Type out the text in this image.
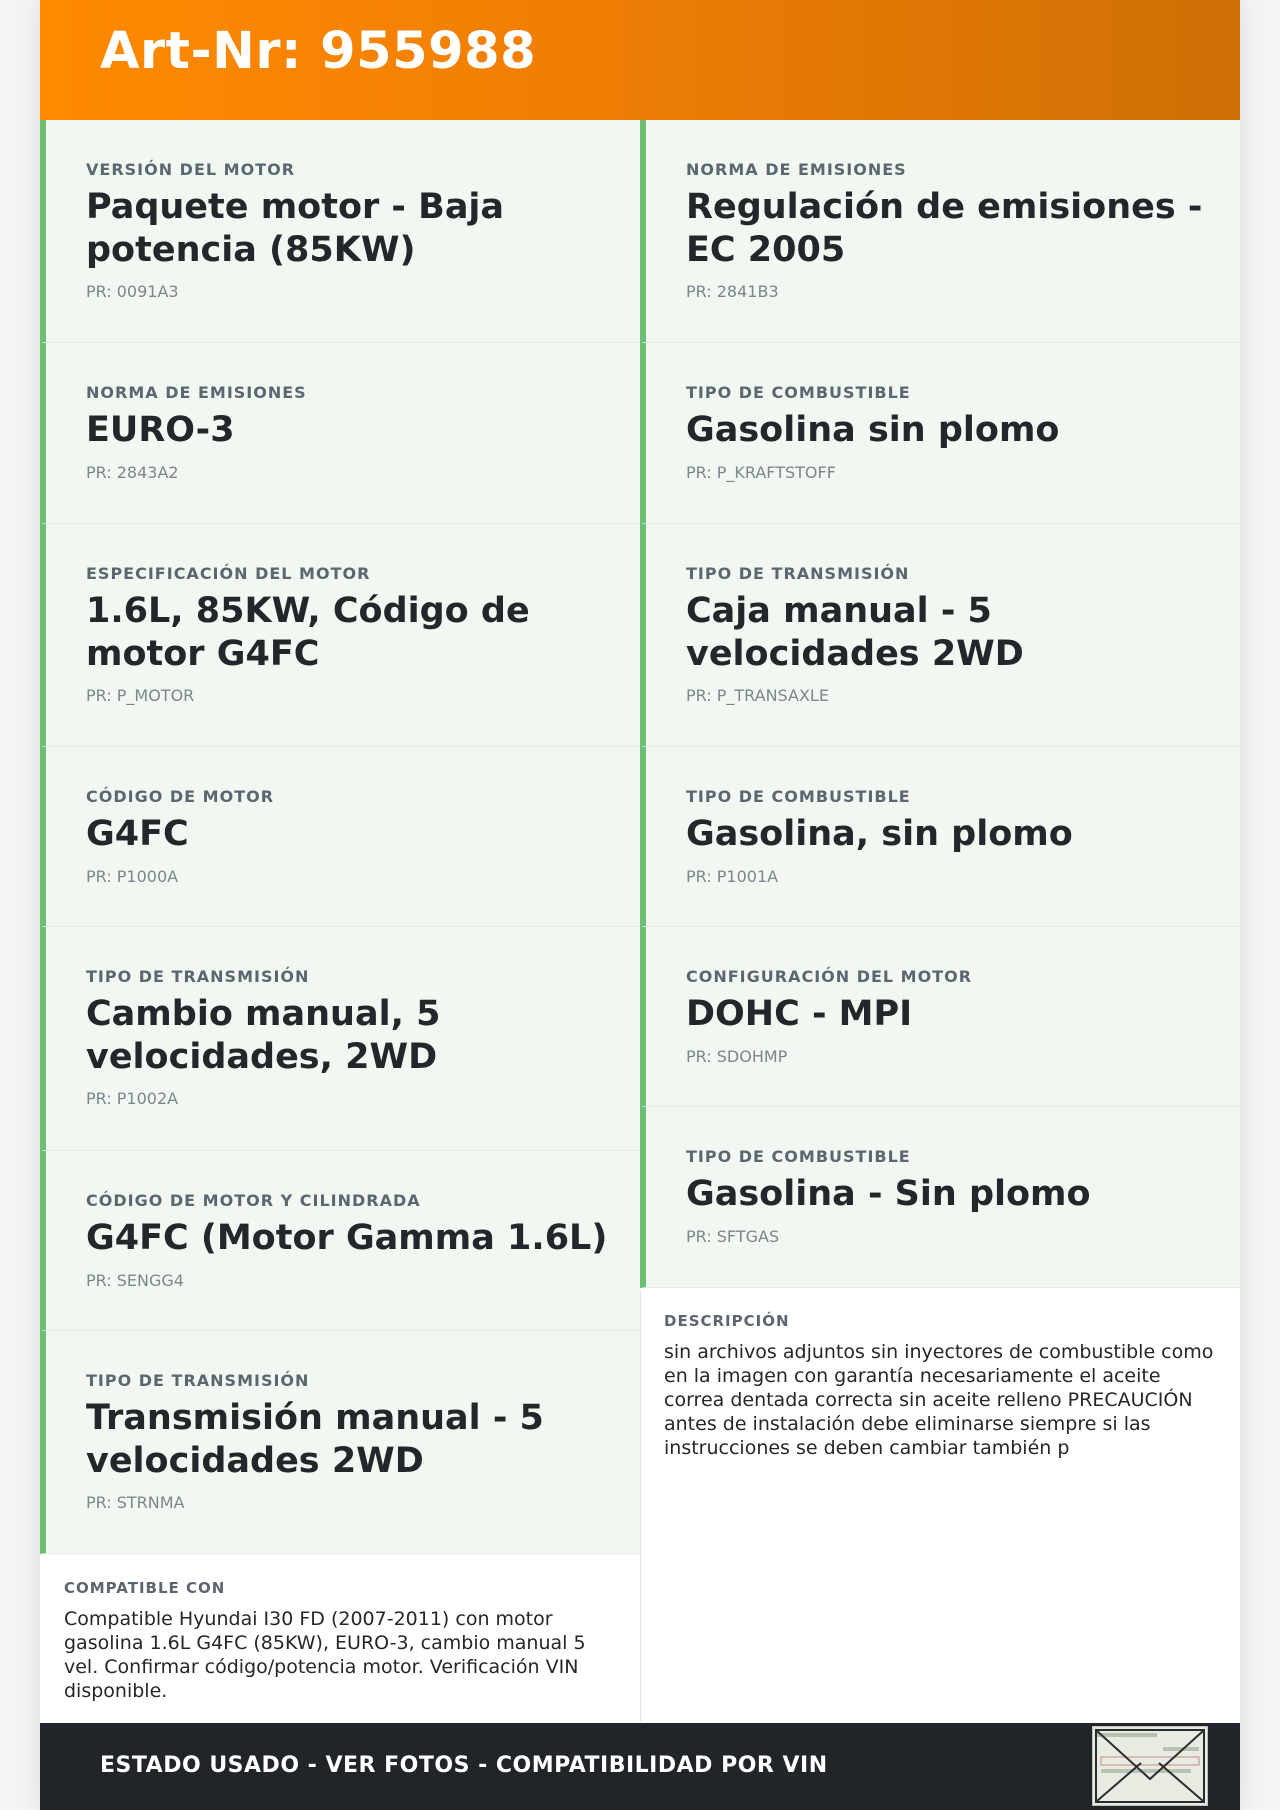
Art-Nr: 955988
VERSIÓN DEL MOTOR
Paquete motor - Baja potencia (85KW)
PR: 0091A3
NORMA DE EMISIONES
EURO-3
PR: 2843A2
ESPECIFICACIÓN DEL MOTOR
1.6L, 85KW, Código de motor G4FC
PR: P_MOTOR
CÓDIGO DE MOTOR
G4FC
PR: P1000A
TIPO DE TRANSMISIÓN
Cambio manual, 5 velocidades, 2WD
PR: P1002A
CÓDIGO DE MOTOR Y CILINDRADA
G4FC (Motor Gamma 1.6L)
PR: SENGG4
TIPO DE TRANSMISIÓN
Transmisión manual - 5 velocidades 2WD
PR: STRNMA
NORMA DE EMISIONES
Regulación de emisiones - EC 2005
PR: 2841B3
TIPO DE COMBUSTIBLE
Gasolina sin plomo
PR: P_KRAFTSTOFF
TIPO DE TRANSMISIÓN
Caja manual - 5 velocidades 2WD
PR: P_TRANSAXLE
TIPO DE COMBUSTIBLE
Gasolina, sin plomo
PR: P1001A
CONFIGURACIÓN DEL MOTOR
DOHC - MPI
PR: SDOHMP
TIPO DE COMBUSTIBLE
Gasolina - Sin plomo
PR: SFTGAS
DESCRIPCIÓN
sin archivos adjuntos sin inyectores de combustible como en la imagen con garantía necesariamente el aceite correa dentada correcta sin aceite relleno PRECAUCIÓN antes de instalación debe eliminarse siempre si las instrucciones se deben cambiar también p
COMPATIBLE CON
Compatible Hyundai I30 FD (2007-2011) con motor gasolina 1.6L G4FC (85KW), EURO-3, cambio manual 5 vel. Confirmar código/potencia motor. Verificación VIN disponible.
ESTADO USADO - VER FOTOS - COMPATIBILIDAD POR VIN
